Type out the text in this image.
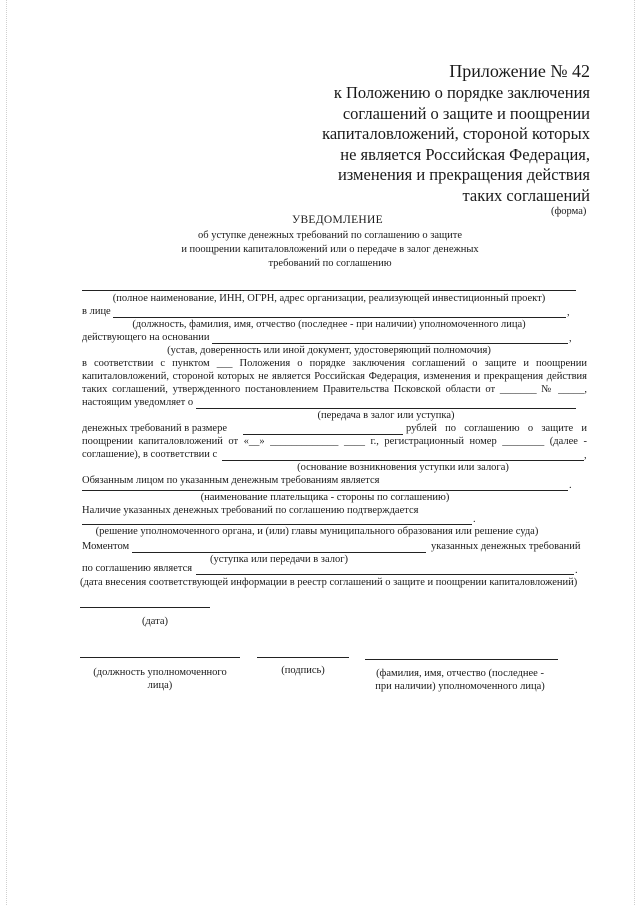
Приложение № 42
к Положению о порядке заключения
соглашений о защите и поощрении
капиталовложений, стороной которых
не является Российская Федерация,
изменения и прекращения действия
таких соглашений
(форма)
УВЕДОМЛЕНИЕ
об уступке денежных требований по соглашению о защите
и поощрении капиталовложений или о передаче в залог денежных
требований по соглашению
(полное наименование, ИНН, ОГРН, адрес организации, реализующей инвестиционный проект)
в лице	,
(должность, фамилия, имя, отчество (последнее - при наличии) уполномоченного лица)
действующего на основании	,
(устав, доверенность или иной документ, удостоверяющий полномочия)
в соответствии с пунктом ___ Положения о порядке заключения соглашений о защите и поощрении
капиталовложений, стороной которых не является Российская Федерация, изменения и прекращения действия
таких соглашений, утвержденного постановлением Правительства Псковской области от _______ № _____,
настоящим уведомляет о
(передача в залог или уступка)
денежных требований в размере	рублей по соглашению о защите и
поощрении капиталовложений от «__» _____________ ____ г., регистрационный номер ________ (далее -
соглашение), в соответствии с	,
(основание возникновения уступки или залога)
Обязанным лицом по указанным денежным требованиям является	.
(наименование плательщика - стороны по соглашению)
Наличие указанных денежных требований по соглашению подтверждается
.
(решение уполномоченного органа, и (или) главы муниципального образования или решение суда)
Моментом	указанных денежных требований
(уступка или передачи в залог)
по соглашению является	.
(дата внесения соответствующей информации в реестр соглашений о защите и поощрении капиталовложений)
(дата)
(должность уполномоченного
лица)
(подпись)	(фамилия, имя, отчество (последнее -
при наличии) уполномоченного лица)
